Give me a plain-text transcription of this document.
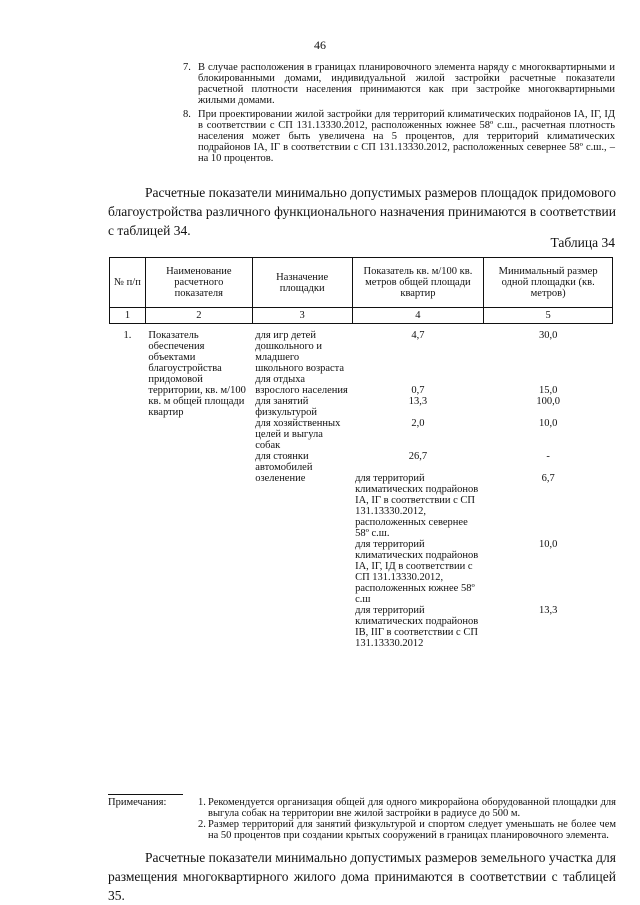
46
7. В случае расположения в границах планировочного элемента наряду с многоквартирными и блокированными домами, индивидуальной жилой застройки расчетные показатели расчетной плотности населения принимаются как при застройке многоквартирными жилыми домами.
8. При проектировании жилой застройки для территорий климатических подрайонов IА, IГ, IД в соответствии с СП 131.13330.2012, расположенных южнее 58º с.ш., расчетная плотность населения может быть увеличена на 5 процентов, для территорий климатических подрайонов IА, IГ в соответствии с СП 131.13330.2012, расположенных севернее 58º с.ш., – на 10 процентов.
Расчетные показатели минимально допустимых размеров площадок придомового благоустройства различного функционального назначения принимаются в соответствии с таблицей 34.
Таблица 34
№ п/п	Наименование расчетного показателя	Назначение площадки	Показатель кв. м/100 кв. метров общей площади квартир	Минимальный размер одной площадки (кв. метров)
1	2	3	4	5
1.	Показатель обеспечения объектами благоустройства придомовой территории, кв. м/100 кв. м общей площади квартир	для игр детей дошкольного и младшего школьного возраста	4,7	30,0
		для отдыха взрослого населения	0,7	15,0
		для занятий физкультурой	13,3	100,0
		для хозяйственных целей и выгула собак	2,0	10,0
		для стоянки автомобилей	26,7	-
		озеленение	для территорий климатических подрайонов IА, IГ в соответствии с СП 131.13330.2012, расположенных севернее 58º с.ш.	6,7
			для территорий климатических подрайонов IА, IГ, IД в соответствии с СП 131.13330.2012, расположенных южнее 58º с.ш	10,0
			для территорий климатических подрайонов IВ, IIГ в соответствии с СП 131.13330.2012	13,3
Примечания:	1. Рекомендуется организация общей для одного микрорайона оборудованной площадки для выгула собак на территории вне жилой застройки в радиусе до 500 м.
2. Размер территорий для занятий физкультурой и спортом следует уменьшать не более чем на 50 процентов при создании крытых сооружений в границах планировочного элемента.
Расчетные показатели минимально допустимых размеров земельного участка для размещения многоквартирного жилого дома принимаются в соответствии с таблицей 35.
